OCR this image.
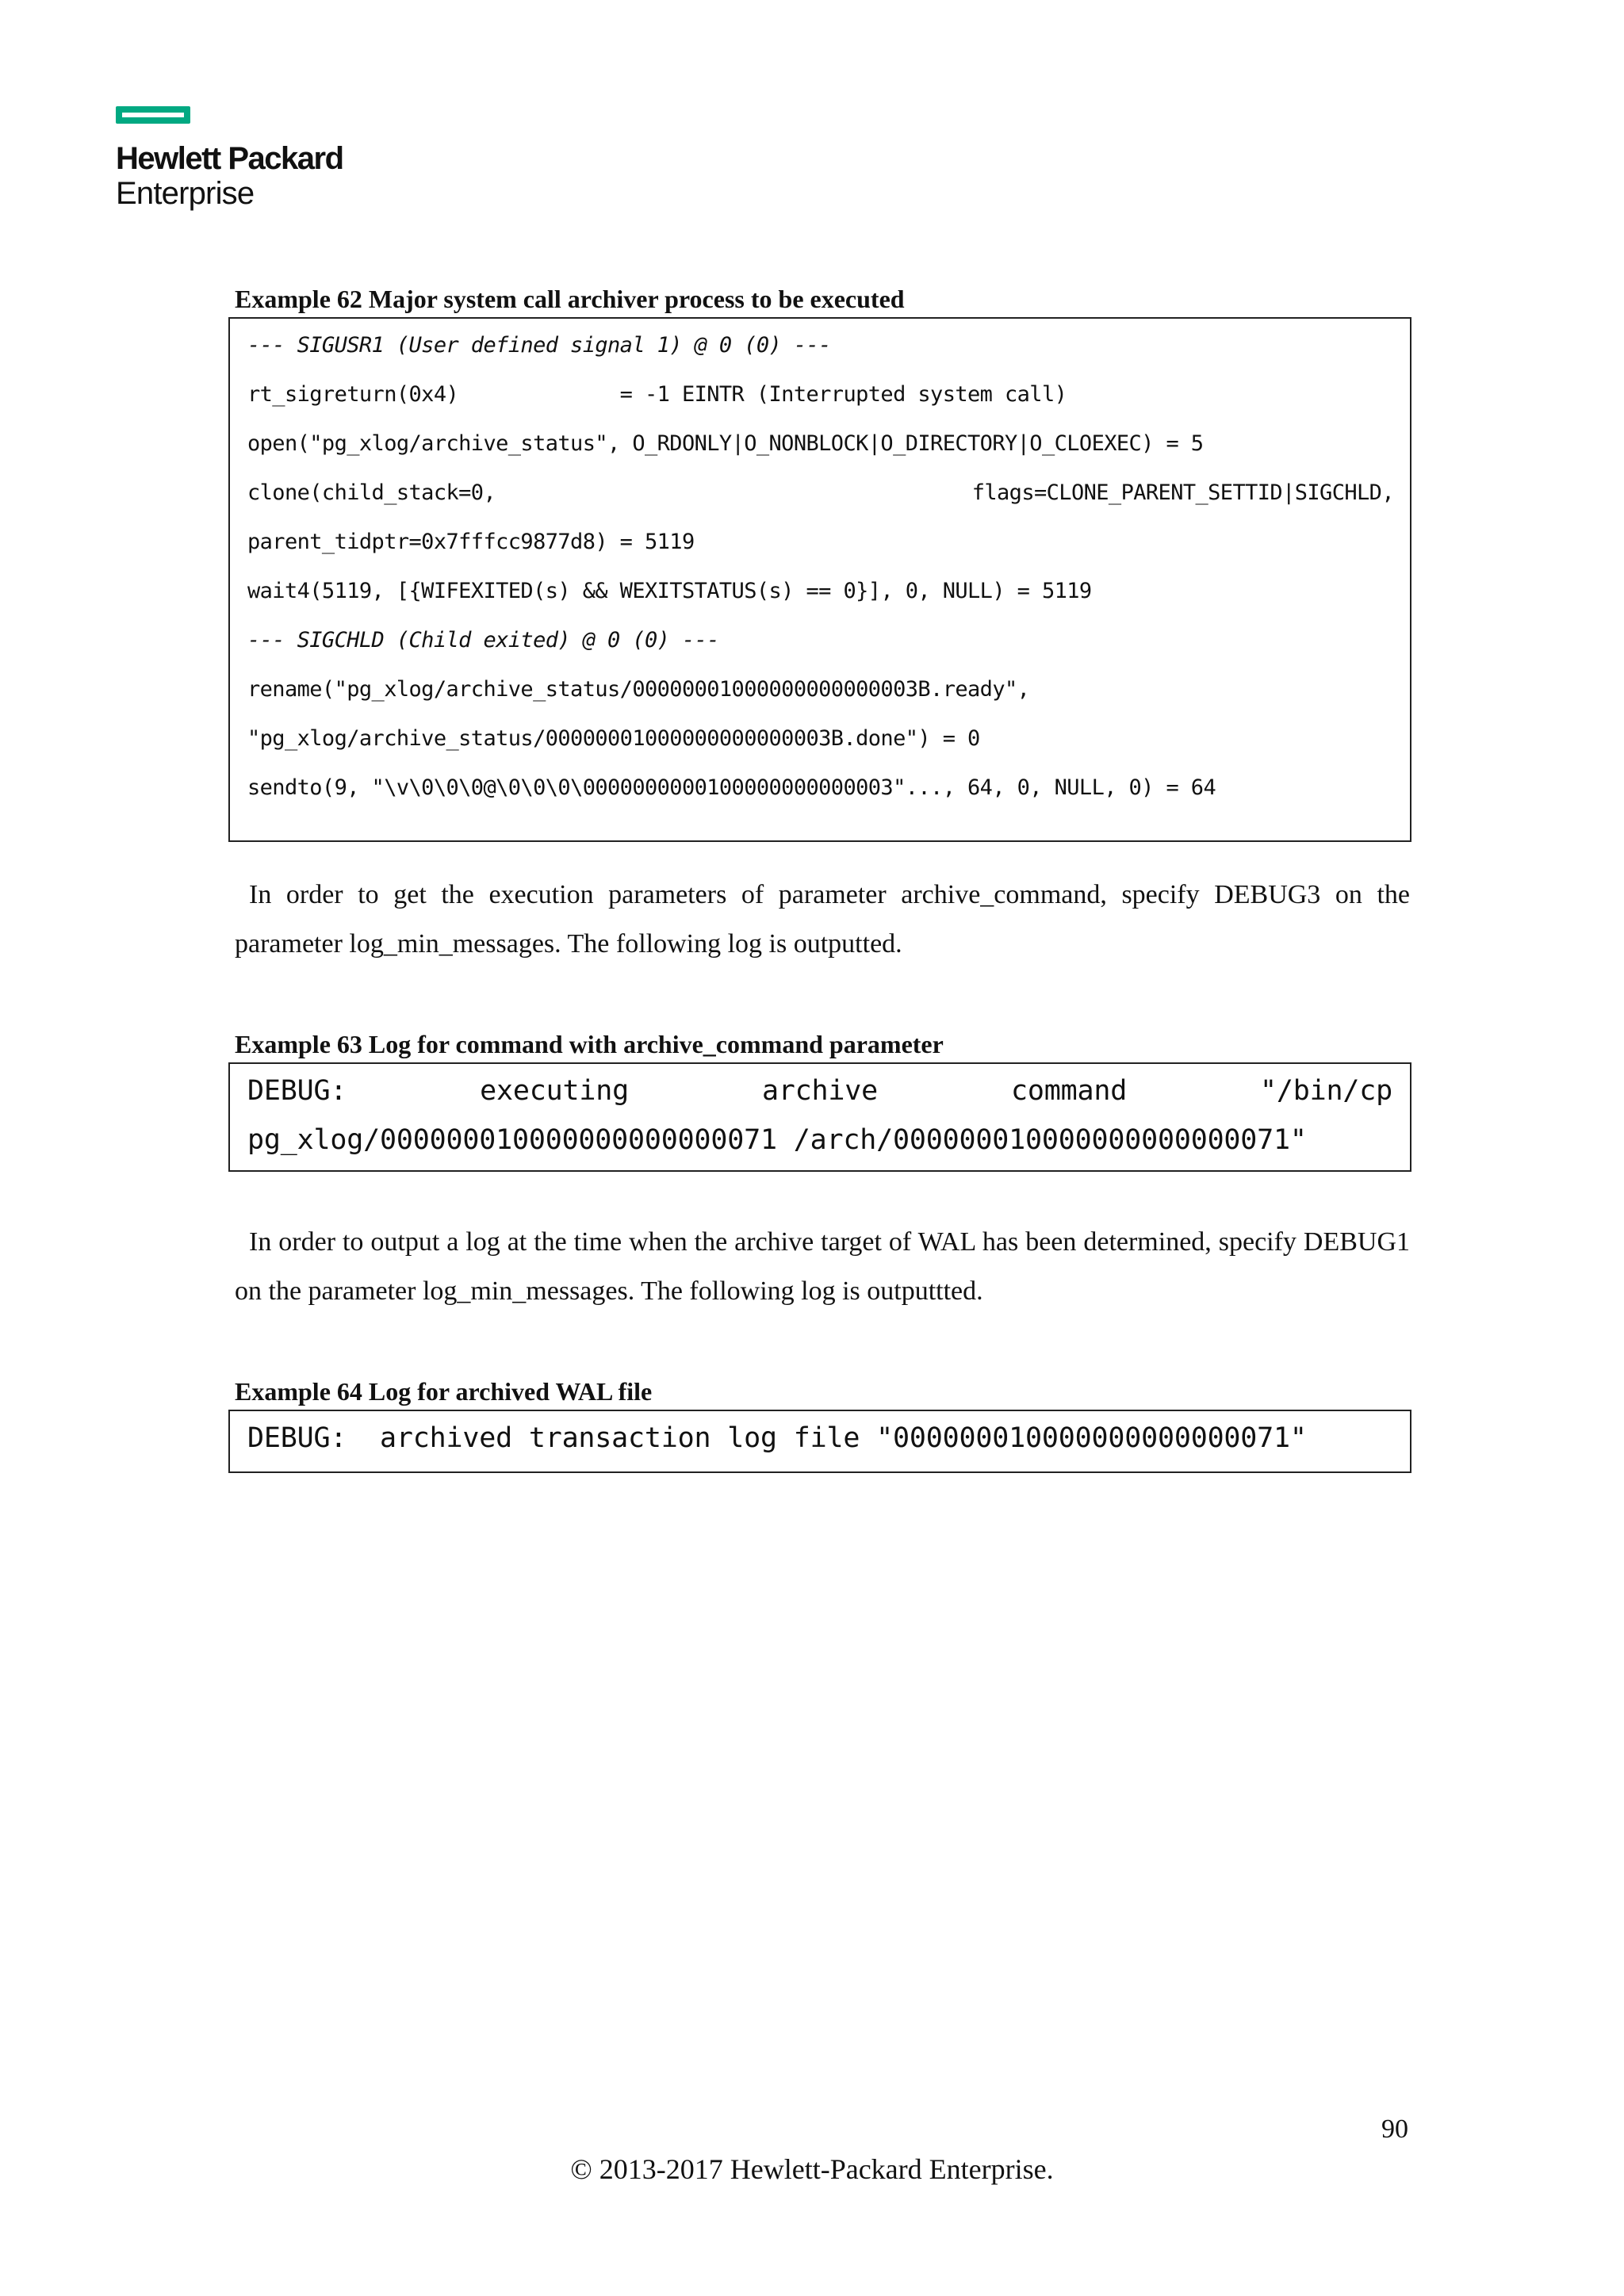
Hewlett Packard
Enterprise
Example 62 Major system call archiver process to be executed
--- SIGUSR1 (User defined signal 1) @ 0 (0) ---
rt_sigreturn(0x4)             = -1 EINTR (Interrupted system call)
open("pg_xlog/archive_status", O_RDONLY|O_NONBLOCK|O_DIRECTORY|O_CLOEXEC) = 5
clone(child_stack=0,	flags=CLONE_PARENT_SETTID|SIGCHLD,
parent_tidptr=0x7fffcc9877d8) = 5119
wait4(5119, [{WIFEXITED(s) && WEXITSTATUS(s) == 0}], 0, NULL) = 5119
--- SIGCHLD (Child exited) @ 0 (0) ---
rename("pg_xlog/archive_status/00000001000000000000003B.ready",
"pg_xlog/archive_status/00000001000000000000003B.done") = 0
sendto(9, "\v\0\0\0@\0\0\0\0000000000100000000000003"..., 64, 0, NULL, 0) = 64
In order to get the execution parameters of parameter archive_command, specify DEBUG3 on the parameter log_min_messages. The following log is outputted.
Example 63 Log for command with archive_command parameter
DEBUG:	executing	archive	command	"/bin/cp
pg_xlog/000000010000000000000071 /arch/000000010000000000000071"
In order to output a log at the time when the archive target of WAL has been determined, specify DEBUG1 on the parameter log_min_messages. The following log is outputtted.
Example 64 Log for archived WAL file
DEBUG:  archived transaction log file "000000010000000000000071"
90
© 2013-2017 Hewlett-Packard Enterprise.
